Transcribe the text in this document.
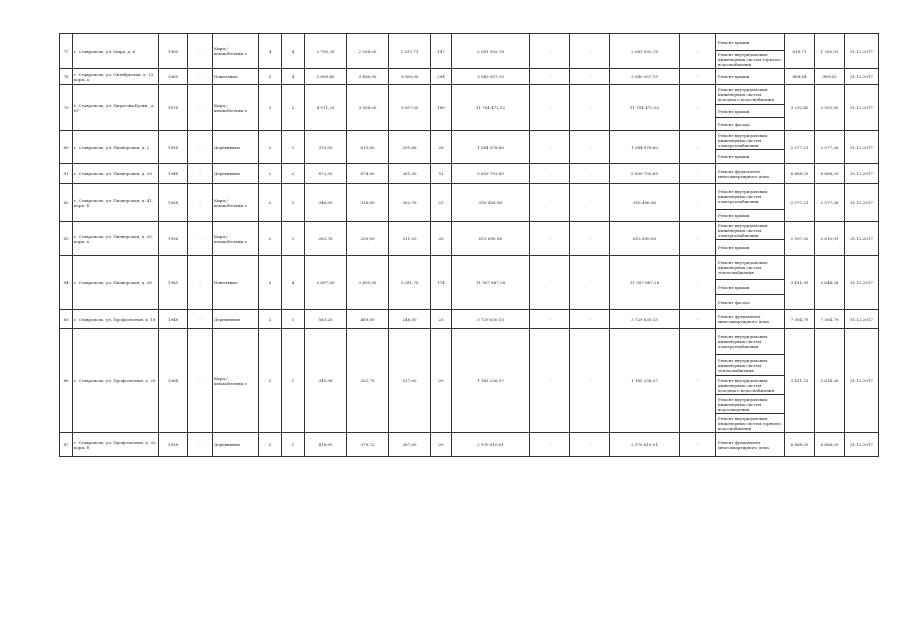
77	г. Ставрополь, ул. Мира, д. 6	1900	-	Кирп./ шлакоблочны е	4	4	2 793,30	2 554,00	1 937,71	147	2 081 092,78	-	-	2 081 092,78	-	Ремонт крыши	818,71	1 280,51	31.12.2017
																Ремонт внутридомовых инженерных систем горячего водоснабжения			
78	г. Ставрополь, ул. Октябрьская, д. 15, корп. а	1965	-	Панельные	5	4	3 898,40	3 406,00	3 089,00	204	3 040 957,15	-	-	3 040 957,15	-	Ремонт крыши	868,64	989,63	31.12.2017
79	г. Ставрополь, ул. Пирогова/Бульв., д. 67	1878	-	Кирп./ шлакоблочны е	5	2	4 071,25	3 554,00	3 057,00	180	11 704 472,92	-	-	11 704 472,92	-	Ремонт внутридомовых инженерных систем холодного водоснабжения	3 292,40	3 593,50	31.12.2017
																Ремонт крыши			
																Ремонт фасада			
80	г. Ставрополь, ул. Пионерская, д. 2	1958	-	Деревянные	2	1	370,00	615,00	291,66	28	1 584 978,60	-	-	1 584 978,60	-	Ремонт внутридомовых инженерных систем электроснабжения	2 577,21	2 577,26	31.12.2017
																Ремонт крыши			
81	г. Ставрополь, ул. Пионерская, д. 39	1948	-	Деревянные	2	2	872,90	874,90	281,30	51	5 839 793,65	-	-	5 839 793,65	-	Ремонт фундамента многоквартирного дома	6 668,29	6 668,29	31.12.2017
82	г. Ставрополь, ул. Пионерская, д. 41, корп. б	1958	-	Кирп./ шлакоблочны е	2	1	346,90	316,85	302,76	23	916 456,96	-	-	916 456,96	-	Ремонт внутридомовых инженерных систем электроснабжения	2 577,21	2 577,26	31.12.2017
																Ремонт крыши			
83	г. Ставрополь, ул. Пионерская, д. 35, корп. а	1956	-	Кирп./ шлакоблочны е	2	1	263,76	250,00	311,20	20	615 690,08	-	-	615 690,08	-	Ремонт внутридомовых инженерных систем электроснабжения	2 597,20	3 615,91	31.12.2017
																Ремонт крыши			
84	г. Ставрополь, ул. Пионерская, д. 38	1965	-	Панельные	5	4	3 897,00	3 405,00	3 281,70	174	11 957 887,28	-	-	11 957 887,28	-	Ремонт внутридомовых инженерных систем теплоснабжения	3 411,99	3 644,28	31.12.2017
																Ремонт крыши			
																Ремонт фасада			
85	г. Ставрополь, ул. Профсоюзная, д. 18	1948	-	Деревянные	2	1	563,20	489,00	246,50	23	3 729 630,15	-	-	3 729 630,15	-	Ремонт фундамента многоквартирного дома	7 304,79	7 304,79	31.12.2017
86	г. Ставрополь, ул. Профсоюзная, д. 29	1964	-	Кирп./ шлакоблочны е	2	1	345,96	332,70	317,60	20	1 165 256,37	-	-	1 165 256,37	-	Ремонт внутридомовых инженерных систем электроснабжения	3 411,25	3 614,26	31.12.2017
																Ремонт внутридомовых инженерных систем теплоснабжения			
																Ремонт внутридомовых инженерных систем холодного водоснабжения			
																Ремонт внутридомовых инженерных систем водоотведения			
																Ремонт внутридомовых инженерных систем горячего водоснабжения			
87	г. Ставрополь, ул. Профсоюзная, д. 31, корп. б	1958	-	Деревянные	2	1	418,90	379,72	287,00	20	2 570 810,01	-	-	2 570 810,01	-	Ремонт фундамента многоквартирного дома	6 668,29	6 668,29	31.12.2017
